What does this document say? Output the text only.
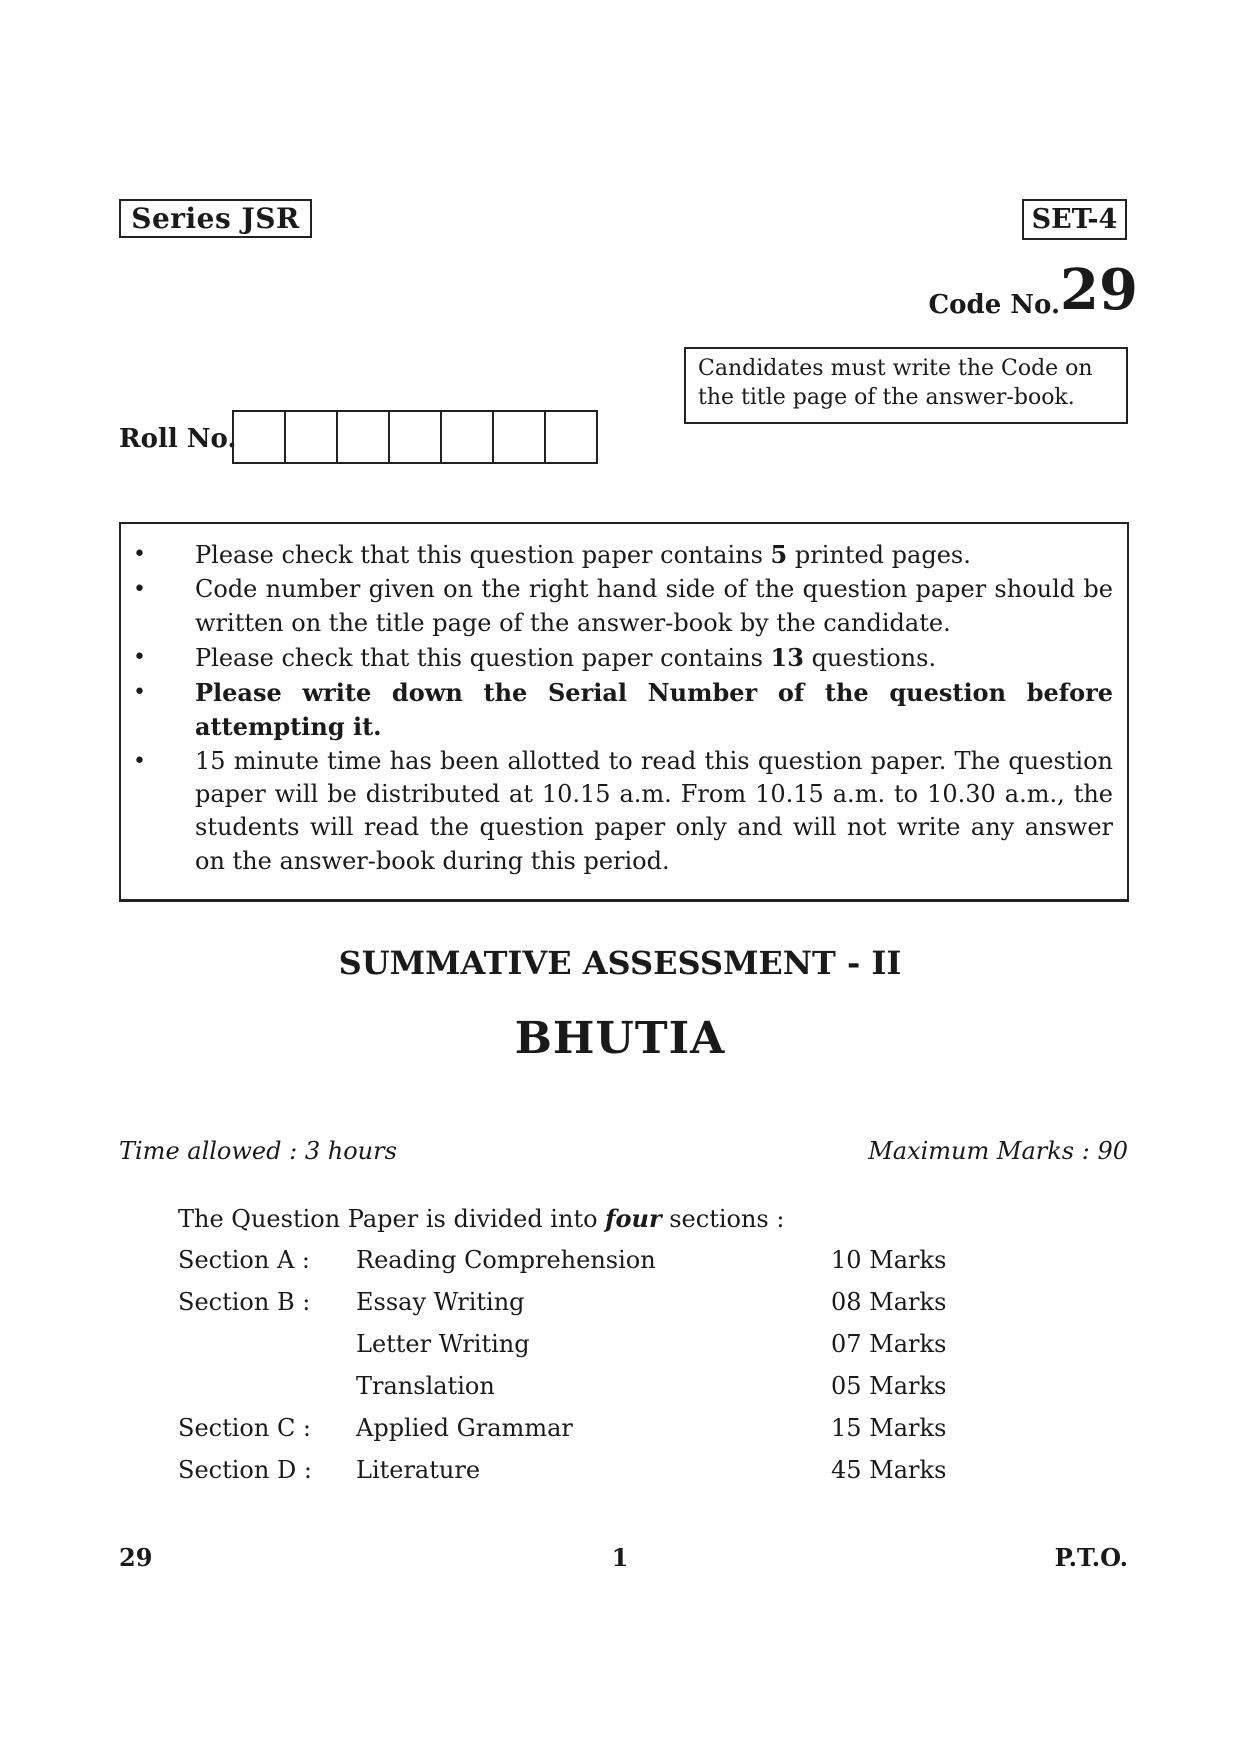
Series JSR	SET-4
Code No. 29
Candidates must write the Code on the title page of the answer-book.
Roll No.
• Please check that this question paper contains 5 printed pages.
• Code number given on the right hand side of the question paper should be written on the title page of the answer-book by the candidate.
• Please check that this question paper contains 13 questions.
• Please write down the Serial Number of the question before attempting it.
• 15 minute time has been allotted to read this question paper. The question paper will be distributed at 10.15 a.m. From 10.15 a.m. to 10.30 a.m., the students will read the question paper only and will not write any answer on the answer-book during this period.
SUMMATIVE ASSESSMENT - II
BHUTIA
Time allowed : 3 hours	Maximum Marks : 90
The Question Paper is divided into four sections :
Section A : Reading Comprehension	10 Marks
Section B : Essay Writing	08 Marks
Letter Writing	07 Marks
Translation	05 Marks
Section C : Applied Grammar	15 Marks
Section D : Literature	45 Marks
29	1	P.T.O.
